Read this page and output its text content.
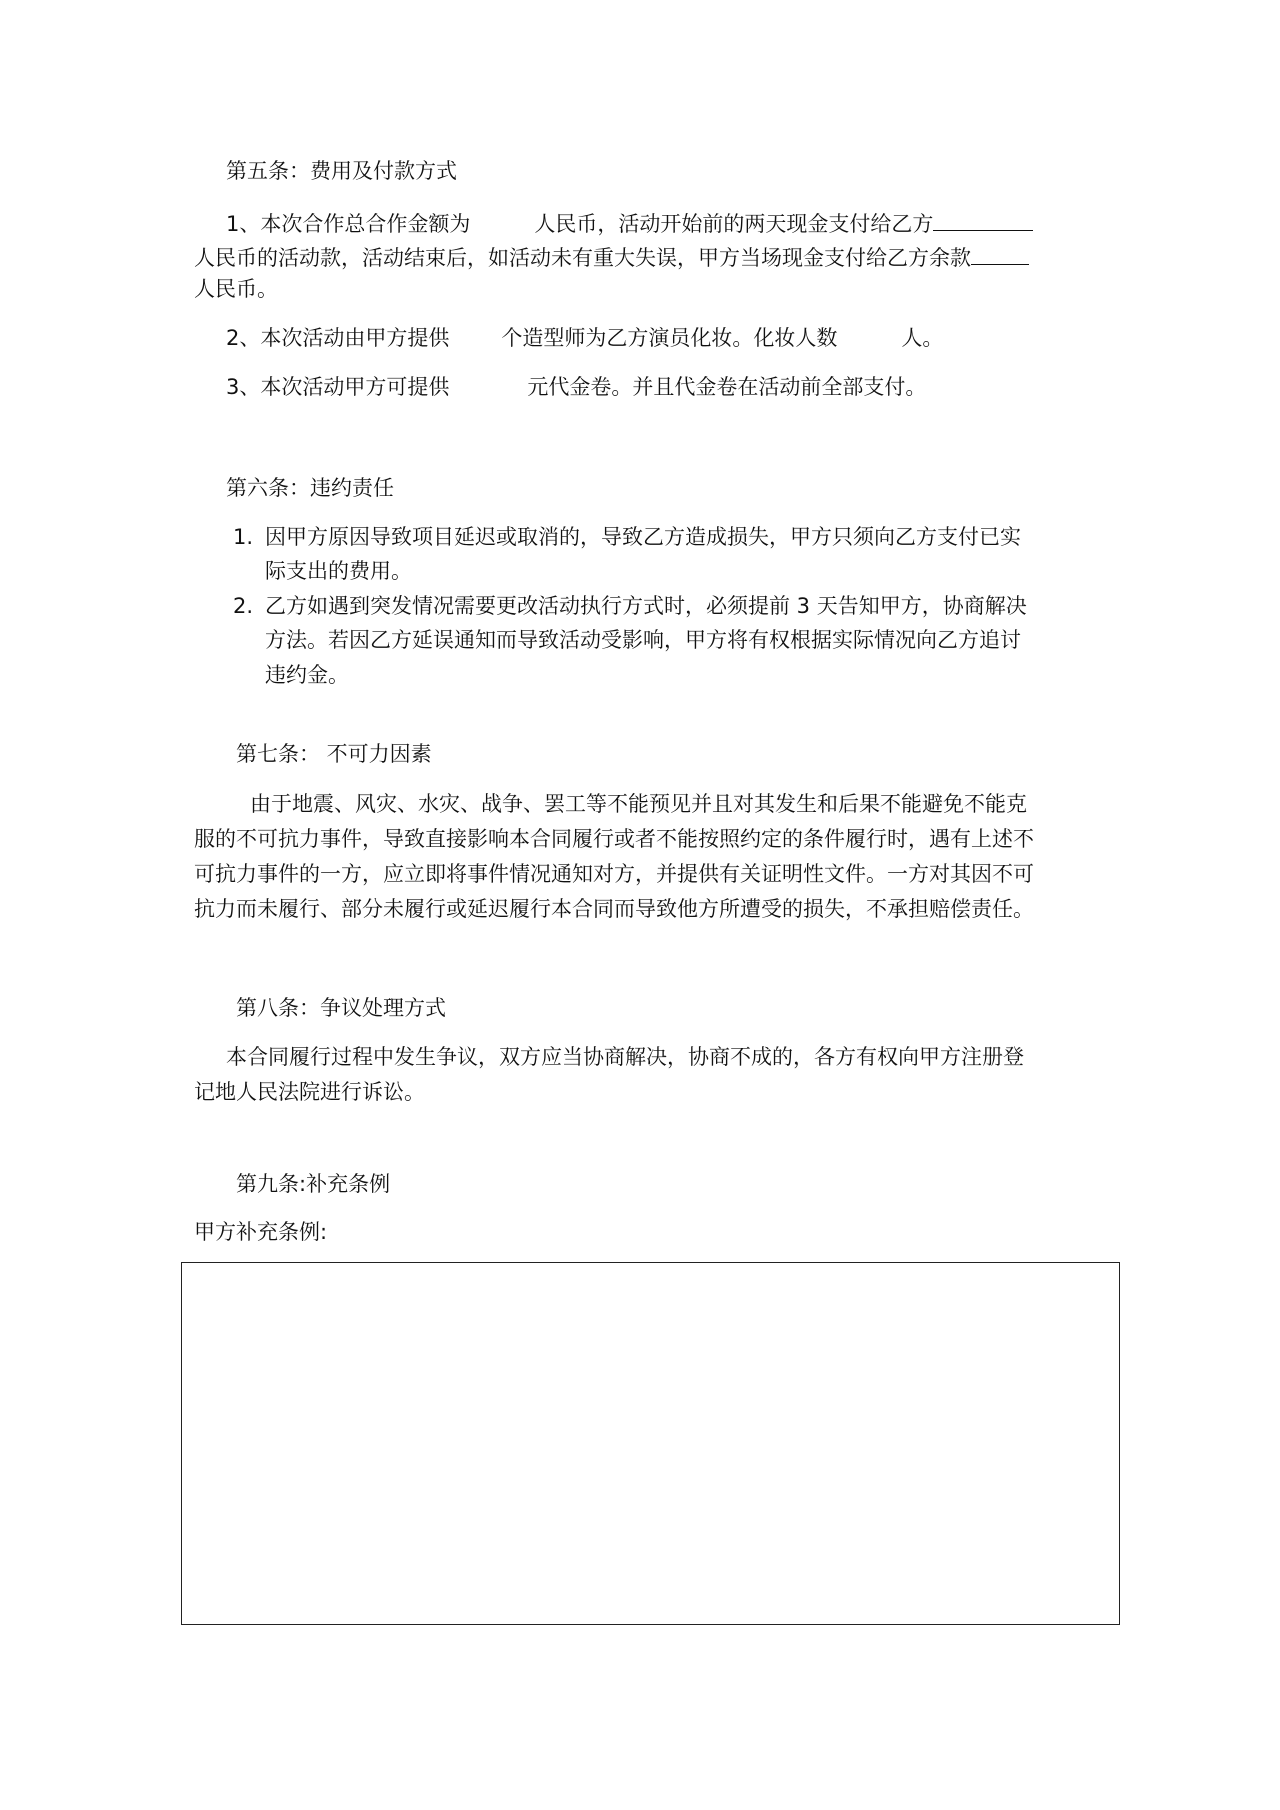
第五条：费用及付款方式
1、本次合作总合作金额为	人民币，活动开始前的两天现金支付给乙方
人民币的活动款，活动结束后，如活动未有重大失误，甲方当场现金支付给乙方余款
人民币。
2、本次活动由甲方提供 个造型师为乙方演员化妆。化妆人数	人。
3、本次活动甲方可提供	元代金卷。并且代金卷在活动前全部支付。
第六条：违约责任
1. 因甲方原因导致项目延迟或取消的，导致乙方造成损失，甲方只须向乙方支付已实
际支出的费用。
2. 乙方如遇到突发情况需要更改活动执行方式时，必须提前 3 天告知甲方，协商解决
方法。若因乙方延误通知而导致活动受影响，甲方将有权根据实际情况向乙方追讨
违约金。
第七条： 不可力因素
由于地震、风灾、水灾、战争、罢工等不能预见并且对其发生和后果不能避免不能克
服的不可抗力事件，导致直接影响本合同履行或者不能按照约定的条件履行时，遇有上述不
可抗力事件的一方，应立即将事件情况通知对方，并提供有关证明性文件。一方对其因不可
抗力而未履行、部分未履行或延迟履行本合同而导致他方所遭受的损失，不承担赔偿责任。
第八条：争议处理方式
本合同履行过程中发生争议，双方应当协商解决，协商不成的，各方有权向甲方注册登
记地人民法院进行诉讼。
第九条:补充条例
甲方补充条例:
